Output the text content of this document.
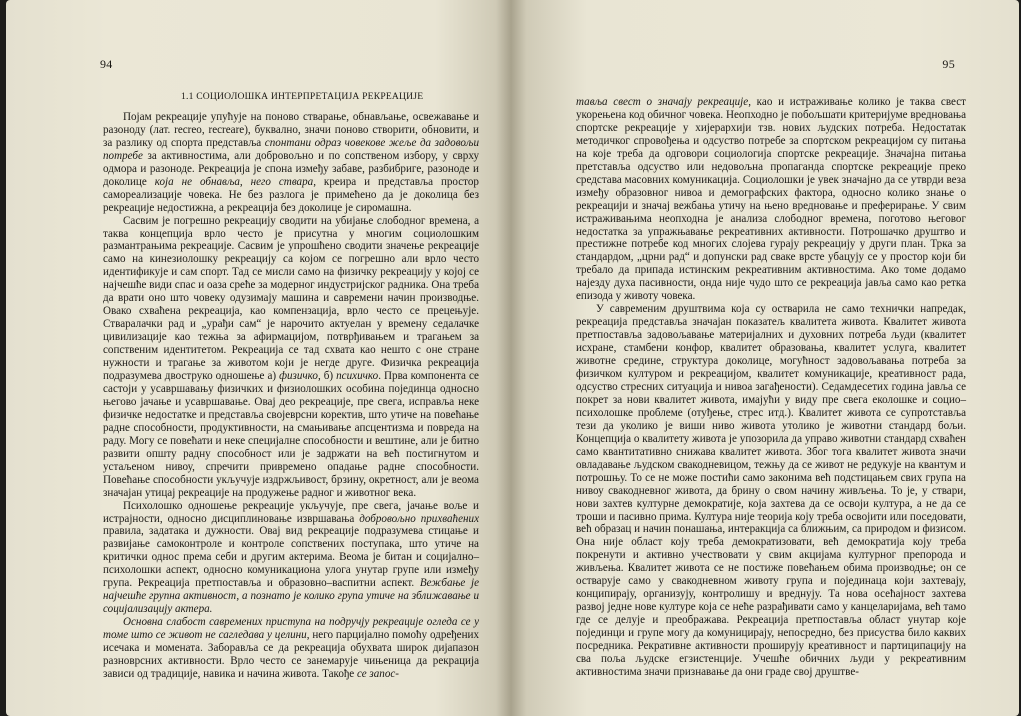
94
1.1 СОЦИОЛОШКА ИНТЕРПРЕТАЦИЈА РЕКРЕАЦИЈЕ

Појам рекреације упућује на поново стварање, обнављање, освежавање и разоноду (лат. recreo, recreare), буквално, значи поново створити, обновити, и за разлику од спорта представља спонтани одраз човекове жеље да задовољи потребе за активностима, али добровољно и по сопственом избору, у сврху одмора и разоноде. Рекреација је спона између забаве, разбибриге, разоноде и доколице која не обнавља, него ствара, креира и представља простор самореализације човека. Не без разлога је примећено да је доколица без рекреације недостижна, а рекреација без доколице је сиромашна.

Сасвим је погрешно рекреацију сводити на убијање слободног времена, а таква концепција врло често је присутна у многим социолошким размантрањима рекреације. Сасвим је упрошћено сводити значење рекреације само на кинезиолошку рекреацију са којом се погрешно али врло често идентификује и сам спорт. Тад се мисли само на физичку рекреацију у којој се најчешће види спас и оаза среће за модерног индустријског радника. Она треба да врати оно што човеку одузимају машина и савремени начин производње. Овако схваћена рекреација, као компензација, врло често се прецењује. Стваралачки рад и „урађи сам“ је нарочито актуелан у времену седалачке цивилизације као тежња за афирмацијом, потврђивањем и трагањем за сопственим идентитетом. Рекреација се тад схвата као нешто с оне стране нужности и трагање за животом који је негде друге. Физичка рекреација подразумева двоструко одношење а) физичко, б) психичко. Прва компонента се састоји у усавршавању физичких и физиолошких особина појединца односно његово јачање и усавршавање. Овај део рекреације, пре свега, исправља неке физичке недостатке и представља својеврсни коректив, што утиче на повећање радне способности, продуктивности, на смањивање апсцентизма и повреда на раду. Могу се повећати и неке специјалне способности и вештине, али је битно развити општу радну способност или је задржати на већ постигнутом и устаљеном нивоу, спречити привремено опадање радне способности. Повећање способности укључује издржљивост, брзину, окретност, али је веома значајан утицај рекреације на продужење радног и животног века.

Психолошко одношење рекреације укључује, пре свега, јачање воље и истрајности, односно дисциплиновање извршавања добровољно прихваћених правила, задатака и дужности. Овај вид рекреације подразумева стицање и развијање самоконтроле и контроле сопствених поступака, што утиче на критички однос према себи и другим актерима. Веома је битан и социјално–психолошки аспект, односно комуникациона улога унутар групе или између група. Рекреација претпоставља и образовно–васпитни аспект. Вежбање је најчешће групна активност, а познато је колико група утиче на зближавање и социјализацију актера.

Основна слабост савремених приступа на подручју рекреације огледа се у томе што се живот не сагледава у целини, него парцијално помоћу одређених исечака и момената. Заборавља се да рекреација обухвата широк дијапазон разноврсних активности. Врло често се занемарује чињеница да рекрација зависи од традиције, навика и начина живота. Такође се запос-

95

тавља свест о значају рекреације, као и истраживање колико је таква свест укорењена код обичног човека. Неопходно је побољшати критеријуме вредновања спортске рекреације у хијерархији тзв. нових људских потреба. Недостатак методичког спровођења и одсуство потребе за спортском рекреацијом су питања на које треба да одговори социологија спортске рекреације. Значајна питања претставља одсуство или недовољна пропаганда спортске рекреације преко средстава масовних комуникација. Социолошки је увек значајно да се утврди веза између образовног нивоа и демографских фактора, односно колико знање о рекреацији и значај вежбања утичу на њено вредновање и преферирање. У свим истраживањима неопходна је анализа слободног времена, поготово његовог недостатка за упражњавање рекреативних активности. Потрошачко друштво и престижне потребе код многих слојева гурају рекреацију у други план. Трка за стандардом, „црни рад“ и допунски рад сваке врсте убацују се у простор који би требало да припада истинским рекреативним активностима. Ако томе додамо најезду духа пасивности, онда није чудо што се рекреација јавља само као ретка епизода у животу човека.

У савременим друштвима која су остварила не само технички напредак, рекреација представља значајан показатељ квалитета живота. Квалитет живота претпоставља задовољавање материјалних и духовних потреба људи (квалитет исхране, стамбени конфор, квалитет образовања, квалитет услуга, квалитет животне средине, структура доколице, могућност задовољавања потреба за физичком културом и рекреацијом, квалитет комуникације, креативност рада, одсуство стресних ситуација и нивоа загађености). Седамдесетих година јавља се покрет за нови квалитет живота, имајући у виду пре свега еколошке и социо–психолошке проблеме (отуђење, стрес итд.). Квалитет живота се супротставља тези да уколико је виши ниво живота утолико је животни стандард бољи. Концепција о квалитету живота је упозорила да управо животни стандард схваћен само квантитативно снижава квалитет живота. Због тога квалитет живота значи овладавање људском свакодневицом, тежњу да се живот не редукује на квантум и потрошњу. То се не може постићи само законима већ подстицањем свих група на нивоу свакодневног живота, да брину о свом начину живљења. То је, у ствари, нови захтев културне демократије, која захтева да се освоји култура, а не да се троши и пасивно прима. Култура није теорија коју треба освојити или поседовати, већ образац и начин понашања, интеракција са ближњим, са природом и физисом. Она није област коју треба демократизовати, већ демократија коју треба покренути и активно учествовати у свим акцијама културног препорода и живљења. Квалитет живота се не постиже повећањем обима производње; он се остварује само у свакодневном животу група и појединаца који захтевају, конципирају, организују, контролишу и вреднују. Та нова осећајност захтева развој једне нове културе која се неће разрађивати само у канцеларијама, већ тамо где се делује и преображава. Рекреација претпоставља област унутар које појединци и групе могу да комуницирају, непосредно, без присуства било каквих посредника. Рекративне активности проширују креативност и партиципацију на сва поља људске егзистенције. Учешће обичних људи у рекреативним активностима значи признавање да они граде свој друштве-
